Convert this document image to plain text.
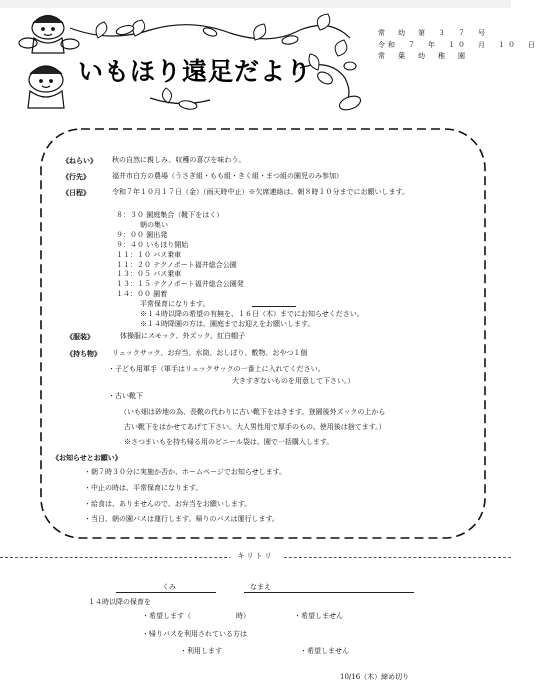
いもほり遠足だより
常　幼　第　３　７　号
令和　７　年　１０　月　１０　日
常　葉　幼　稚　園
《ねらい》 秋の自然に親しみ、収穫の喜びを味わう。
《行先》	福井市白方の農場（うさぎ組・もも組・きく組・まつ組の園児のみ参加）
《日程》	令和７年１０月１７日（金）（雨天時中止）※欠席連絡は、朝８時１０分までにお願いします。
８：３０ 園庭集合（靴下をはく）
朝の集い
９：００ 園出発
９：４０ いもほり開始
１１：１０ バス乗車
１１：２０ テクノポート福井総合公園
１３：０５ バス乗車
１３：１５ テクノポート福井総合公園発
１４：００ 園着
平常保育になります。
※１４時以降の希望の有無を、１６日（木）までにお知らせください。
※１４時降園の方は、園庭までお迎えをお願いします。
《服装》	体操服にスモック、外ズック、紅白帽子
《持ち物》 リュックサック、お弁当、水筒、おしぼり、敷物、おやつ１個
・子ども用軍手（軍手はリュックサックの一番上に入れてください。
大きすぎないものを用意して下さい。）
・古い靴下
（いも畑は砂地の為、長靴の代わりに古い靴下をはきます。登園後外ズックの上から
古い靴下をはかせてあげて下さい。大人男性用で厚手のもの。使用後は捨てます。）
※さつまいもを持ち帰る用のビニール袋は、園で一括購入します。
《お知らせとお願い》
・朝７時３０分に実施か否か、ホームページでお知らせします。
・中止の時は、平常保育になります。
・給食は、ありませんので、お弁当をお願いします。
・当日、朝の園バスは運行します。帰りのバスは運行します。
キリトリ
くみ	なまえ
１４時以降の保育を
・希望します（	時）	・希望しません
・帰りバスを利用されている方は
・利用します	・希望しません
10/16（木）締め切り
